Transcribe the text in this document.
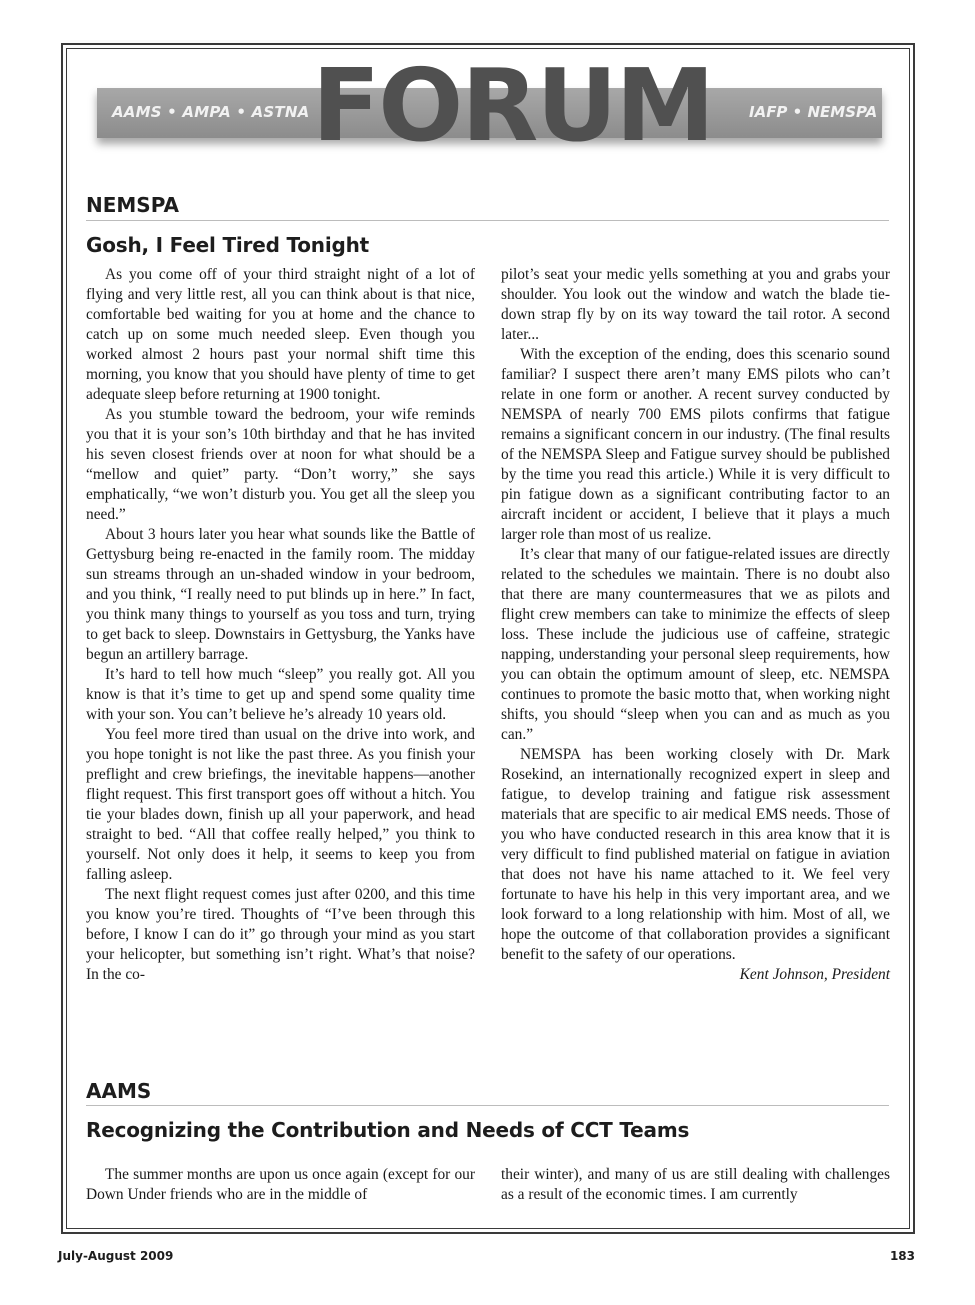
AAMS • AMPA • ASTNA	IAFP • NEMSPA
FORUM
NEMSPA
Gosh, I Feel Tired Tonight

As you come off of your third straight night of a lot of flying and very little rest, all you can think about is that nice, comfortable bed waiting for you at home and the chance to catch up on some much needed sleep. Even though you worked almost 2 hours past your normal shift time this morning, you know that you should have plenty of time to get adequate sleep before returning at 1900 tonight.

As you stumble toward the bedroom, your wife reminds you that it is your son’s 10th birthday and that he has invited his seven closest friends over at noon for what should be a “mellow and quiet” party. “Don’t worry,” she says emphatically, “we won’t disturb you. You get all the sleep you need.”

About 3 hours later you hear what sounds like the Battle of Gettysburg being re-enacted in the family room. The midday sun streams through an un-shaded window in your bedroom, and you think, “I really need to put blinds up in here.” In fact, you think many things to yourself as you toss and turn, trying to get back to sleep. Downstairs in Gettysburg, the Yanks have begun an artillery barrage.

It’s hard to tell how much “sleep” you really got. All you know is that it’s time to get up and spend some quality time with your son. You can’t believe he’s already 10 years old.

You feel more tired than usual on the drive into work, and you hope tonight is not like the past three. As you finish your preflight and crew briefings, the inevitable happens—another flight request. This first transport goes off without a hitch. You tie your blades down, finish up all your paperwork, and head straight to bed. “All that coffee really helped,” you think to yourself. Not only does it help, it seems to keep you from falling asleep.

The next flight request comes just after 0200, and this time you know you’re tired. Thoughts of “I’ve been through this before, I know I can do it” go through your mind as you start your helicopter, but something isn’t right. What’s that noise? In the co-

pilot’s seat your medic yells something at you and grabs your shoulder. You look out the window and watch the blade tie-down strap fly by on its way toward the tail rotor. A second later...

With the exception of the ending, does this scenario sound familiar? I suspect there aren’t many EMS pilots who can’t relate in one form or another. A recent survey conducted by NEMSPA of nearly 700 EMS pilots confirms that fatigue remains a significant concern in our industry. (The final results of the NEMSPA Sleep and Fatigue survey should be published by the time you read this article.) While it is very difficult to pin fatigue down as a significant contributing factor to an aircraft incident or accident, I believe that it plays a much larger role than most of us realize.

It’s clear that many of our fatigue-related issues are directly related to the schedules we maintain. There is no doubt also that there are many countermeasures that we as pilots and flight crew members can take to minimize the effects of sleep loss. These include the judicious use of caffeine, strategic napping, understanding your personal sleep requirements, how you can obtain the optimum amount of sleep, etc. NEMSPA continues to promote the basic motto that, when working night shifts, you should “sleep when you can and as much as you can.”

NEMSPA has been working closely with Dr. Mark Rosekind, an internationally recognized expert in sleep and fatigue, to develop training and fatigue risk assessment materials that are specific to air medical EMS needs. Those of you who have conducted research in this area know that it is very difficult to find published material on fatigue in aviation that does not have his name attached to it. We feel very fortunate to have his help in this very important area, and we look forward to a long relationship with him. Most of all, we hope the outcome of that collaboration provides a significant benefit to the safety of our operations.

Kent Johnson, President

AAMS
Recognizing the Contribution and Needs of CCT Teams

The summer months are upon us once again (except for our Down Under friends who are in the middle of

their winter), and many of us are still dealing with challenges as a result of the economic times. I am currently

July-August 2009	183
